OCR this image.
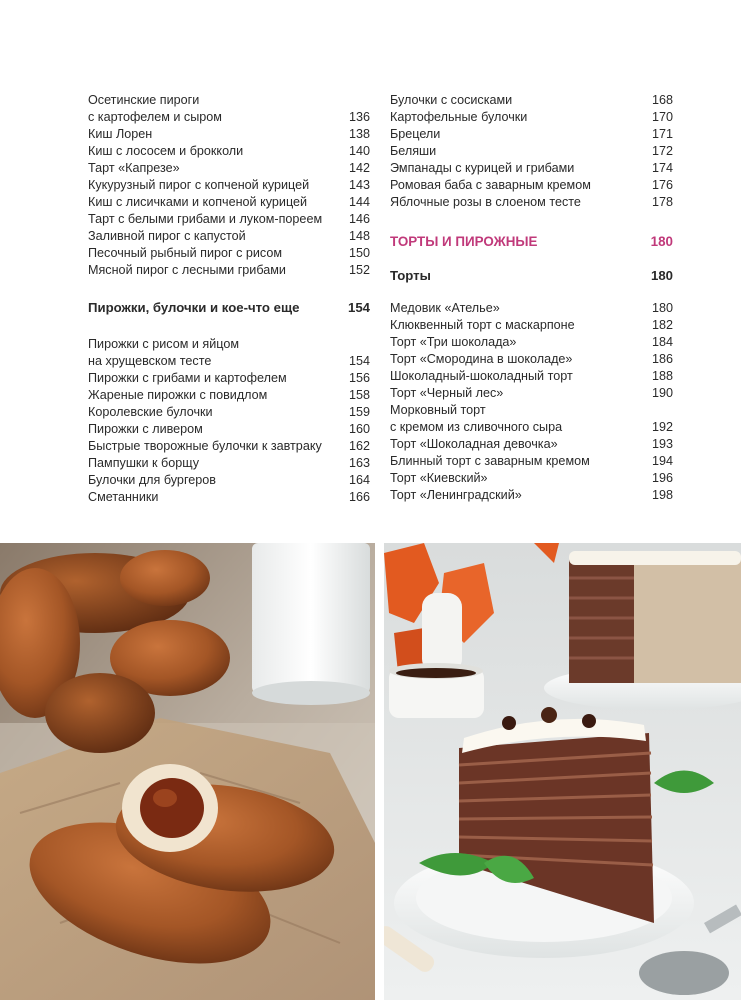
Осетинские пироги
с картофелем и сыром	136
Киш Лорен	138
Киш с лососем и брокколи	140
Тарт «Капрезе»	142
Кукурузный пирог с копченой курицей	143
Киш с лисичками и копченой курицей	144
Тарт с белыми грибами и луком-пореем	146
Заливной пирог с капустой	148
Песочный рыбный пирог с рисом	150
Мясной пирог с лесными грибами	152
Пирожки, булочки и кое-что еще	154
Пирожки с рисом и яйцом
на хрущевском тесте	154
Пирожки с грибами и картофелем	156
Жареные пирожки с повидлом	158
Королевские булочки	159
Пирожки с ливером	160
Быстрые творожные булочки к завтраку	162
Пампушки к борщу	163
Булочки для бургеров	164
Сметанники	166
Булочки с сосисками	168
Картофельные булочки	170
Брецели	171
Беляши	172
Эмпанады с курицей и грибами	174
Ромовая баба с заварным кремом	176
Яблочные розы в слоеном тесте	178
ТОРТЫ И ПИРОЖНЫЕ	180
Торты	180
Медовик «Ателье»	180
Клюквенный торт с маскарпоне	182
Торт «Три шоколада»	184
Торт «Смородина в шоколаде»	186
Шоколадный-шоколадный торт	188
Торт «Черный лес»	190
Морковный торт
с кремом из сливочного сыра	192
Торт «Шоколадная девочка»	193
Блинный торт с заварным кремом	194
Торт «Киевский»	196
Торт «Ленинградский»	198
